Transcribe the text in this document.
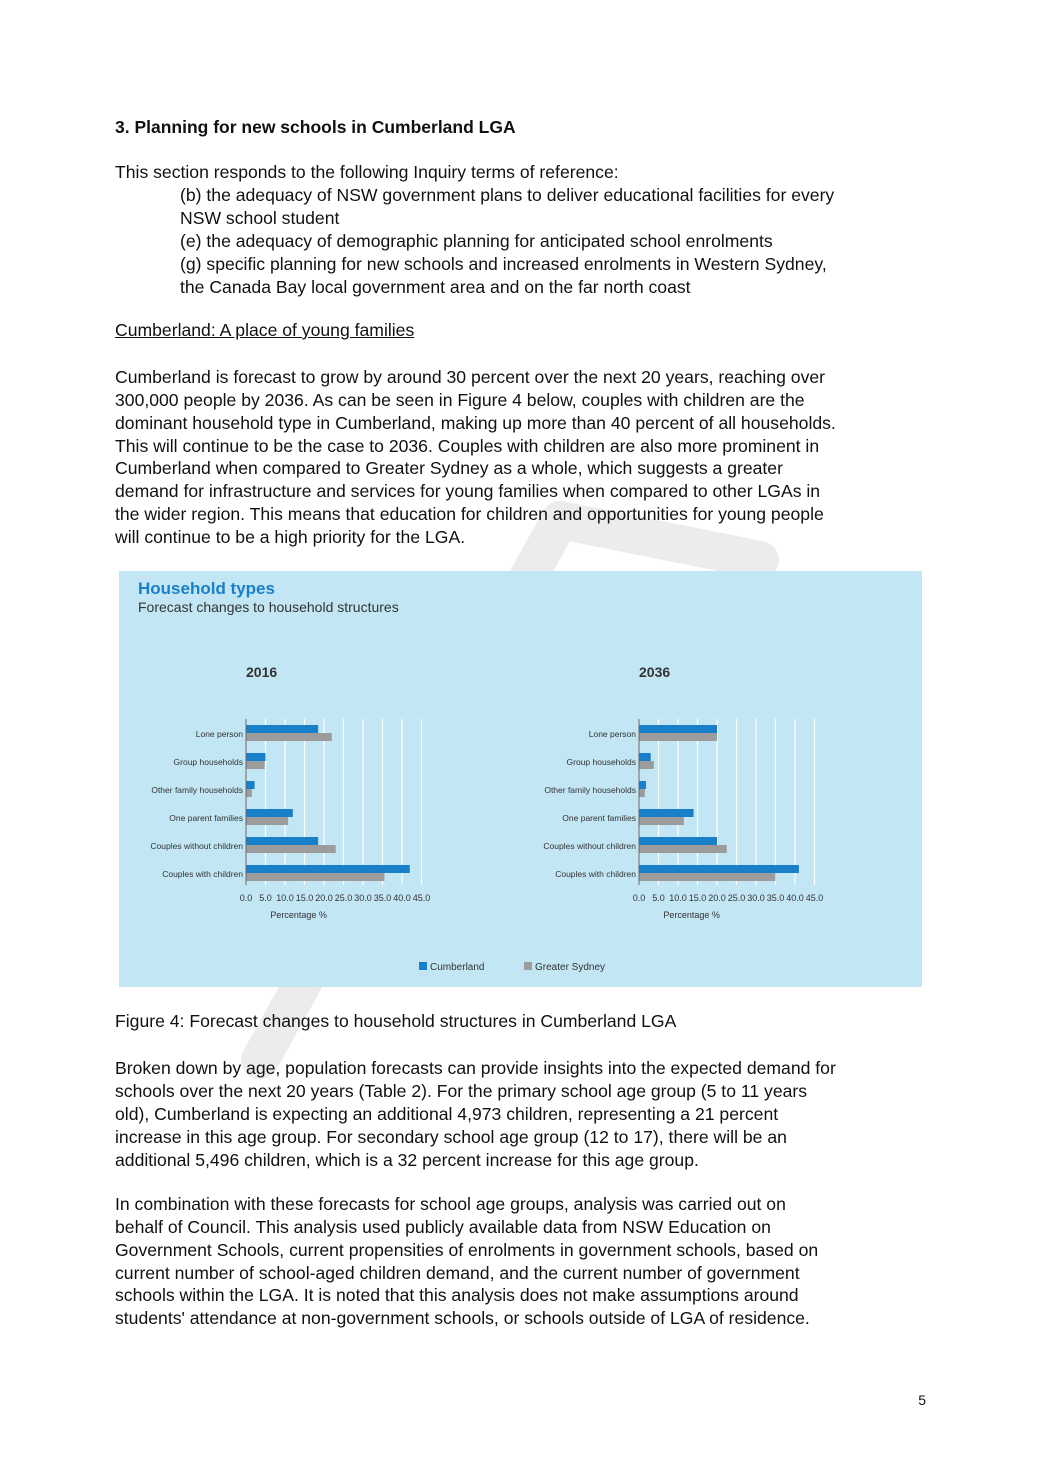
3. Planning for new schools in Cumberland LGA

This section responds to the following Inquiry terms of reference:

(b) the adequacy of NSW government plans to deliver educational facilities for every

NSW school student

(e) the adequacy of demographic planning for anticipated school enrolments

(g) specific planning for new schools and increased enrolments in Western Sydney,

the Canada Bay local government area and on the far north coast

Cumberland: A place of young families

Cumberland is forecast to grow by around 30 percent over the next 20 years, reaching over

300,000 people by 2036. As can be seen in Figure 4 below, couples with children are the

dominant household type in Cumberland, making up more than 40 percent of all households.

This will continue to be the case to 2036. Couples with children are also more prominent in

Cumberland when compared to Greater Sydney as a whole, which suggests a greater

demand for infrastructure and services for young families when compared to other LGAs in

the wider region. This means that education for children and opportunities for young people

will continue to be a high priority for the LGA.

Figure 4: Forecast changes to household structures in Cumberland LGA

Broken down by age, population forecasts can provide insights into the expected demand for

schools over the next 20 years (Table 2). For the primary school age group (5 to 11 years

old), Cumberland is expecting an additional 4,973 children, representing a 21 percent

increase in this age group. For secondary school age group (12 to 17), there will be an

additional 5,496 children, which is a 32 percent increase for this age group.

In combination with these forecasts for school age groups, analysis was carried out on

behalf of Council. This analysis used publicly available data from NSW Education on

Government Schools, current propensities of enrolments in government schools, based on

current number of school-aged children demand, and the current number of government

schools within the LGA. It is noted that this analysis does not make assumptions around

students' attendance at non-government schools, or schools outside of LGA of residence.

Household types
Forecast changes to household structures
2016
0.0 5.0 10.0 15.0 20.0 25.0 30.0 35.0 40.0 45.0
Percentage %
Lone person
Group households
Other family households
One parent families
Couples without children
Couples with children
2036
0.0 5.0 10.0 15.0 20.0 25.0 30.0 35.0 40.0 45.0
Percentage %
Lone person
Group households
Other family households
One parent families
Couples without children
Couples with children
Cumberland	Greater Sydney
5
